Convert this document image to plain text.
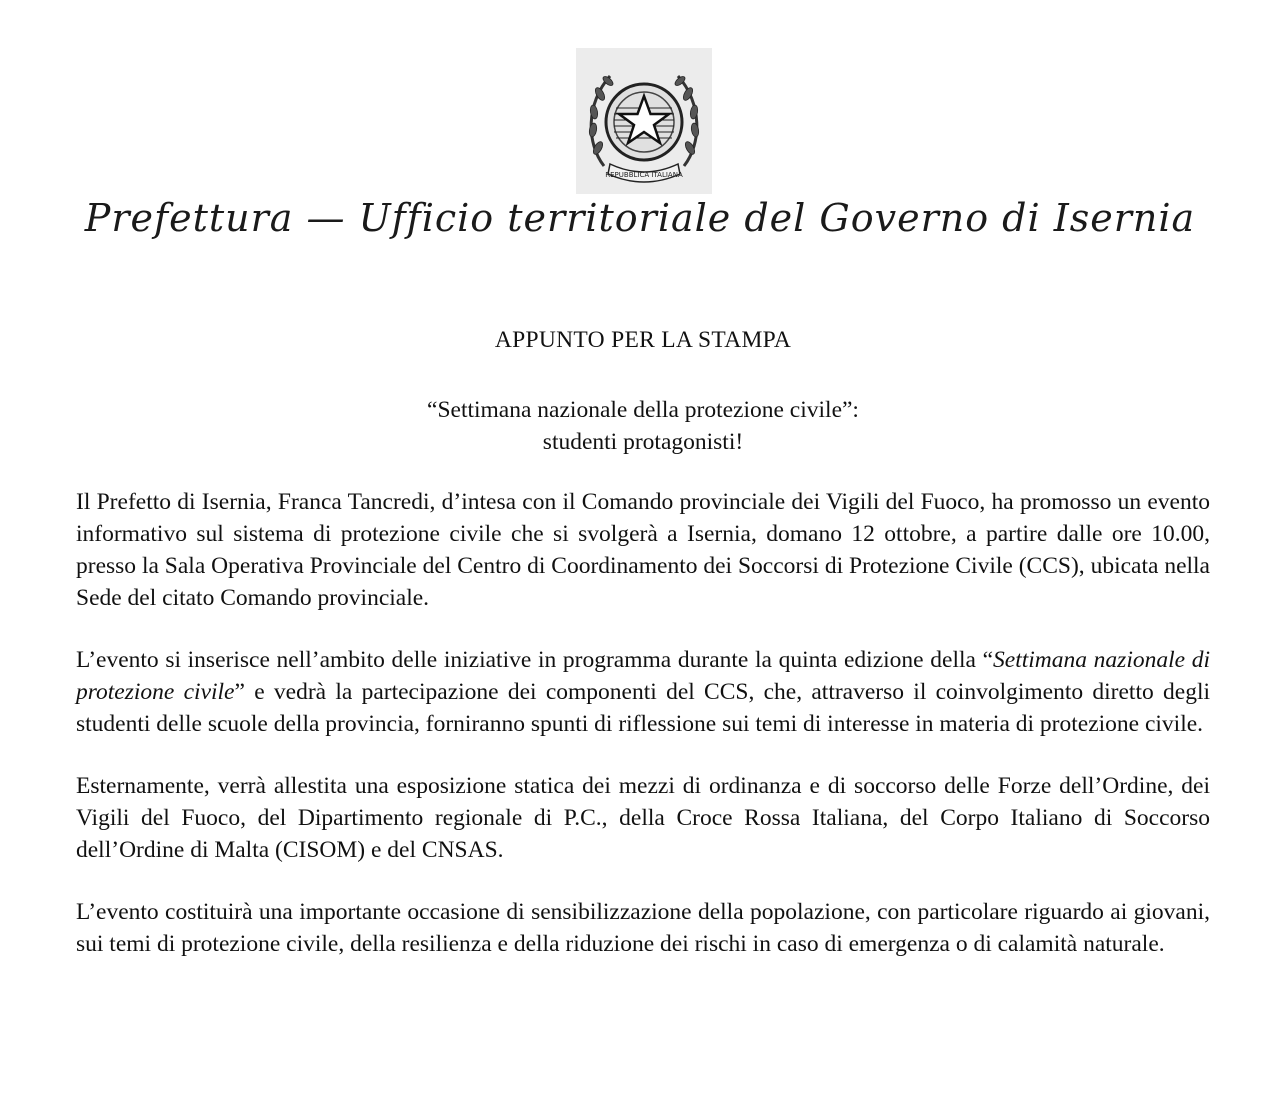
REPUBBLICA ITALIANA
Prefettura — Ufficio territoriale del Governo di Isernia
APPUNTO PER LA STAMPA
“Settimana nazionale della protezione civile”:
studenti protagonisti!

Il Prefetto di Isernia, Franca Tancredi, d’intesa con il Comando provinciale dei Vigili del Fuoco, ha promosso un evento informativo sul sistema di protezione civile che si svolgerà a Isernia, domano 12 ottobre, a partire dalle ore 10.00, presso la Sala Operativa Provinciale del Centro di Coordinamento dei Soccorsi di Protezione Civile (CCS), ubicata nella Sede del citato Comando provinciale.

L’evento si inserisce nell’ambito delle iniziative in programma durante la quinta edizione della “Settimana nazionale di protezione civile” e vedrà la partecipazione dei componenti del CCS, che, attraverso il coinvolgimento diretto degli studenti delle scuole della provincia, forniranno spunti di riflessione sui temi di interesse in materia di protezione civile.

Esternamente, verrà allestita una esposizione statica dei mezzi di ordinanza e di soccorso delle Forze dell’Ordine, dei Vigili del Fuoco, del Dipartimento regionale di P.C., della Croce Rossa Italiana, del Corpo Italiano di Soccorso dell’Ordine di Malta (CISOM) e del CNSAS.

L’evento costituirà una importante occasione di sensibilizzazione della popolazione, con particolare riguardo ai giovani, sui temi di protezione civile, della resilienza e della riduzione dei rischi in caso di emergenza o di calamità naturale.
